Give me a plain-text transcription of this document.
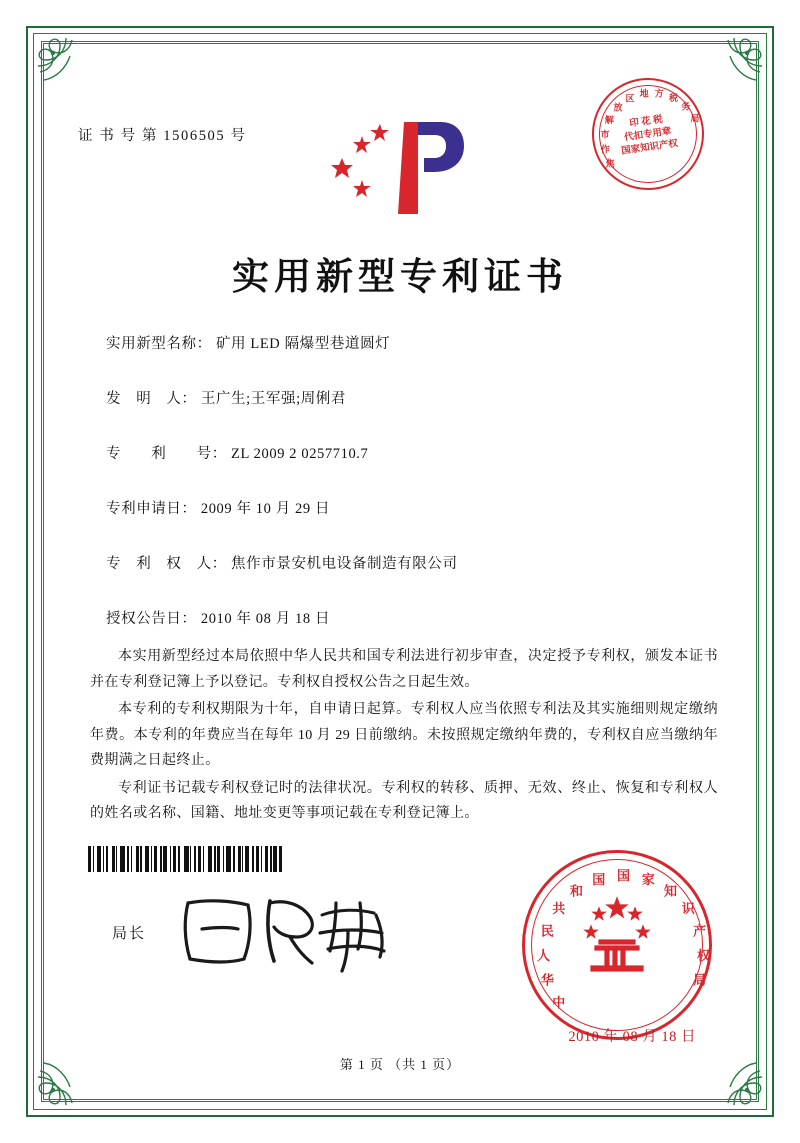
证 书 号 第 1506505 号
焦
作
市
解
放
区 地 方 税
务
局
印 花 税
代扣专用章
国家知识产权
实用新型专利证书
实用新型名称： 矿用 LED 隔爆型巷道圆灯
发　明　人： 王广生;王军强;周俐君
专　　利　　号： ZL 2009 2 0257710.7
专利申请日： 2009 年 10 月 29 日
专　利　权　人： 焦作市景安机电设备制造有限公司
授权公告日： 2010 年 08 月 18 日

本实用新型经过本局依照中华人民共和国专利法进行初步审查，决定授予专利权，颁发本证书并在专利登记簿上予以登记。专利权自授权公告之日起生效。

本专利的专利权期限为十年，自申请日起算。专利权人应当依照专利法及其实施细则规定缴纳年费。本专利的年费应当在每年 10 月 29 日前缴纳。未按照规定缴纳年费的，专利权自应当缴纳年费期满之日起终止。

专利证书记载专利权登记时的法律状况。专利权的转移、质押、无效、终止、恢复和专利权人的姓名或名称、国籍、地址变更等事项记载在专利登记簿上。

局长
中
华
人
民
共
和
国 国 家
知
识
产
权
局
2010 年 08 月 18 日
第 1 页 （共 1 页）
